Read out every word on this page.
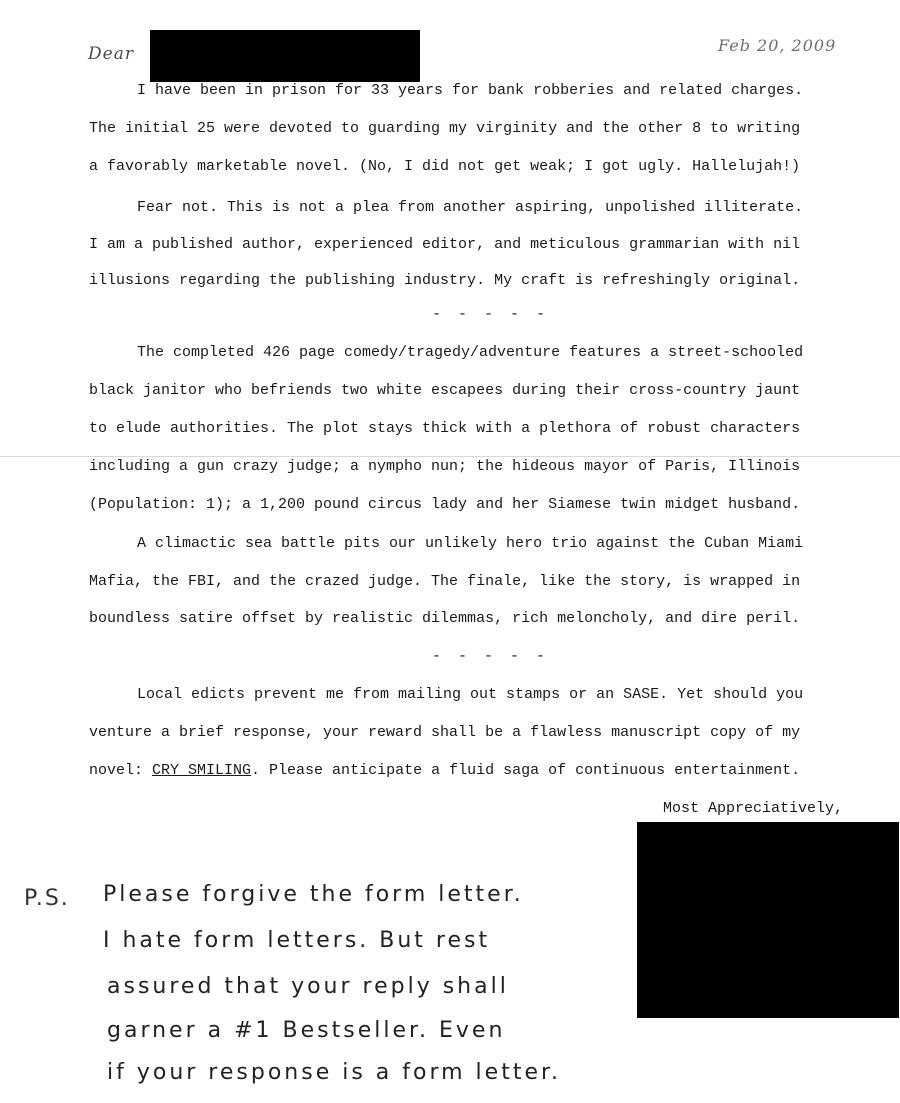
Dear	Feb 20, 2009
I have been in prison for 33 years for bank robberies and related charges.
The initial 25 were devoted to guarding my virginity and the other 8 to writing
a favorably marketable novel. (No, I did not get weak; I got ugly. Hallelujah!)
Fear not. This is not a plea from another aspiring, unpolished illiterate.
I am a published author, experienced editor, and meticulous grammarian with nil
illusions regarding the publishing industry. My craft is refreshingly original.
- - - - -
The completed 426 page comedy/tragedy/adventure features a street-schooled
black janitor who befriends two white escapees during their cross-country jaunt
to elude authorities. The plot stays thick with a plethora of robust characters
including a gun crazy judge; a nympho nun; the hideous mayor of Paris, Illinois
(Population: 1); a 1,200 pound circus lady and her Siamese twin midget husband.
A climactic sea battle pits our unlikely hero trio against the Cuban Miami
Mafia, the FBI, and the crazed judge. The finale, like the story, is wrapped in
boundless satire offset by realistic dilemmas, rich meloncholy, and dire peril.
- - - - -
Local edicts prevent me from mailing out stamps or an SASE. Yet should you
venture a brief response, your reward shall be a flawless manuscript copy of my
novel: CRY SMILING. Please anticipate a fluid saga of continuous entertainment.
Most Appreciatively,
P.S. Please forgive the form letter.
I hate form letters. But rest
assured that your reply shall
garner a #1 Bestseller. Even
if your response is a form letter.
